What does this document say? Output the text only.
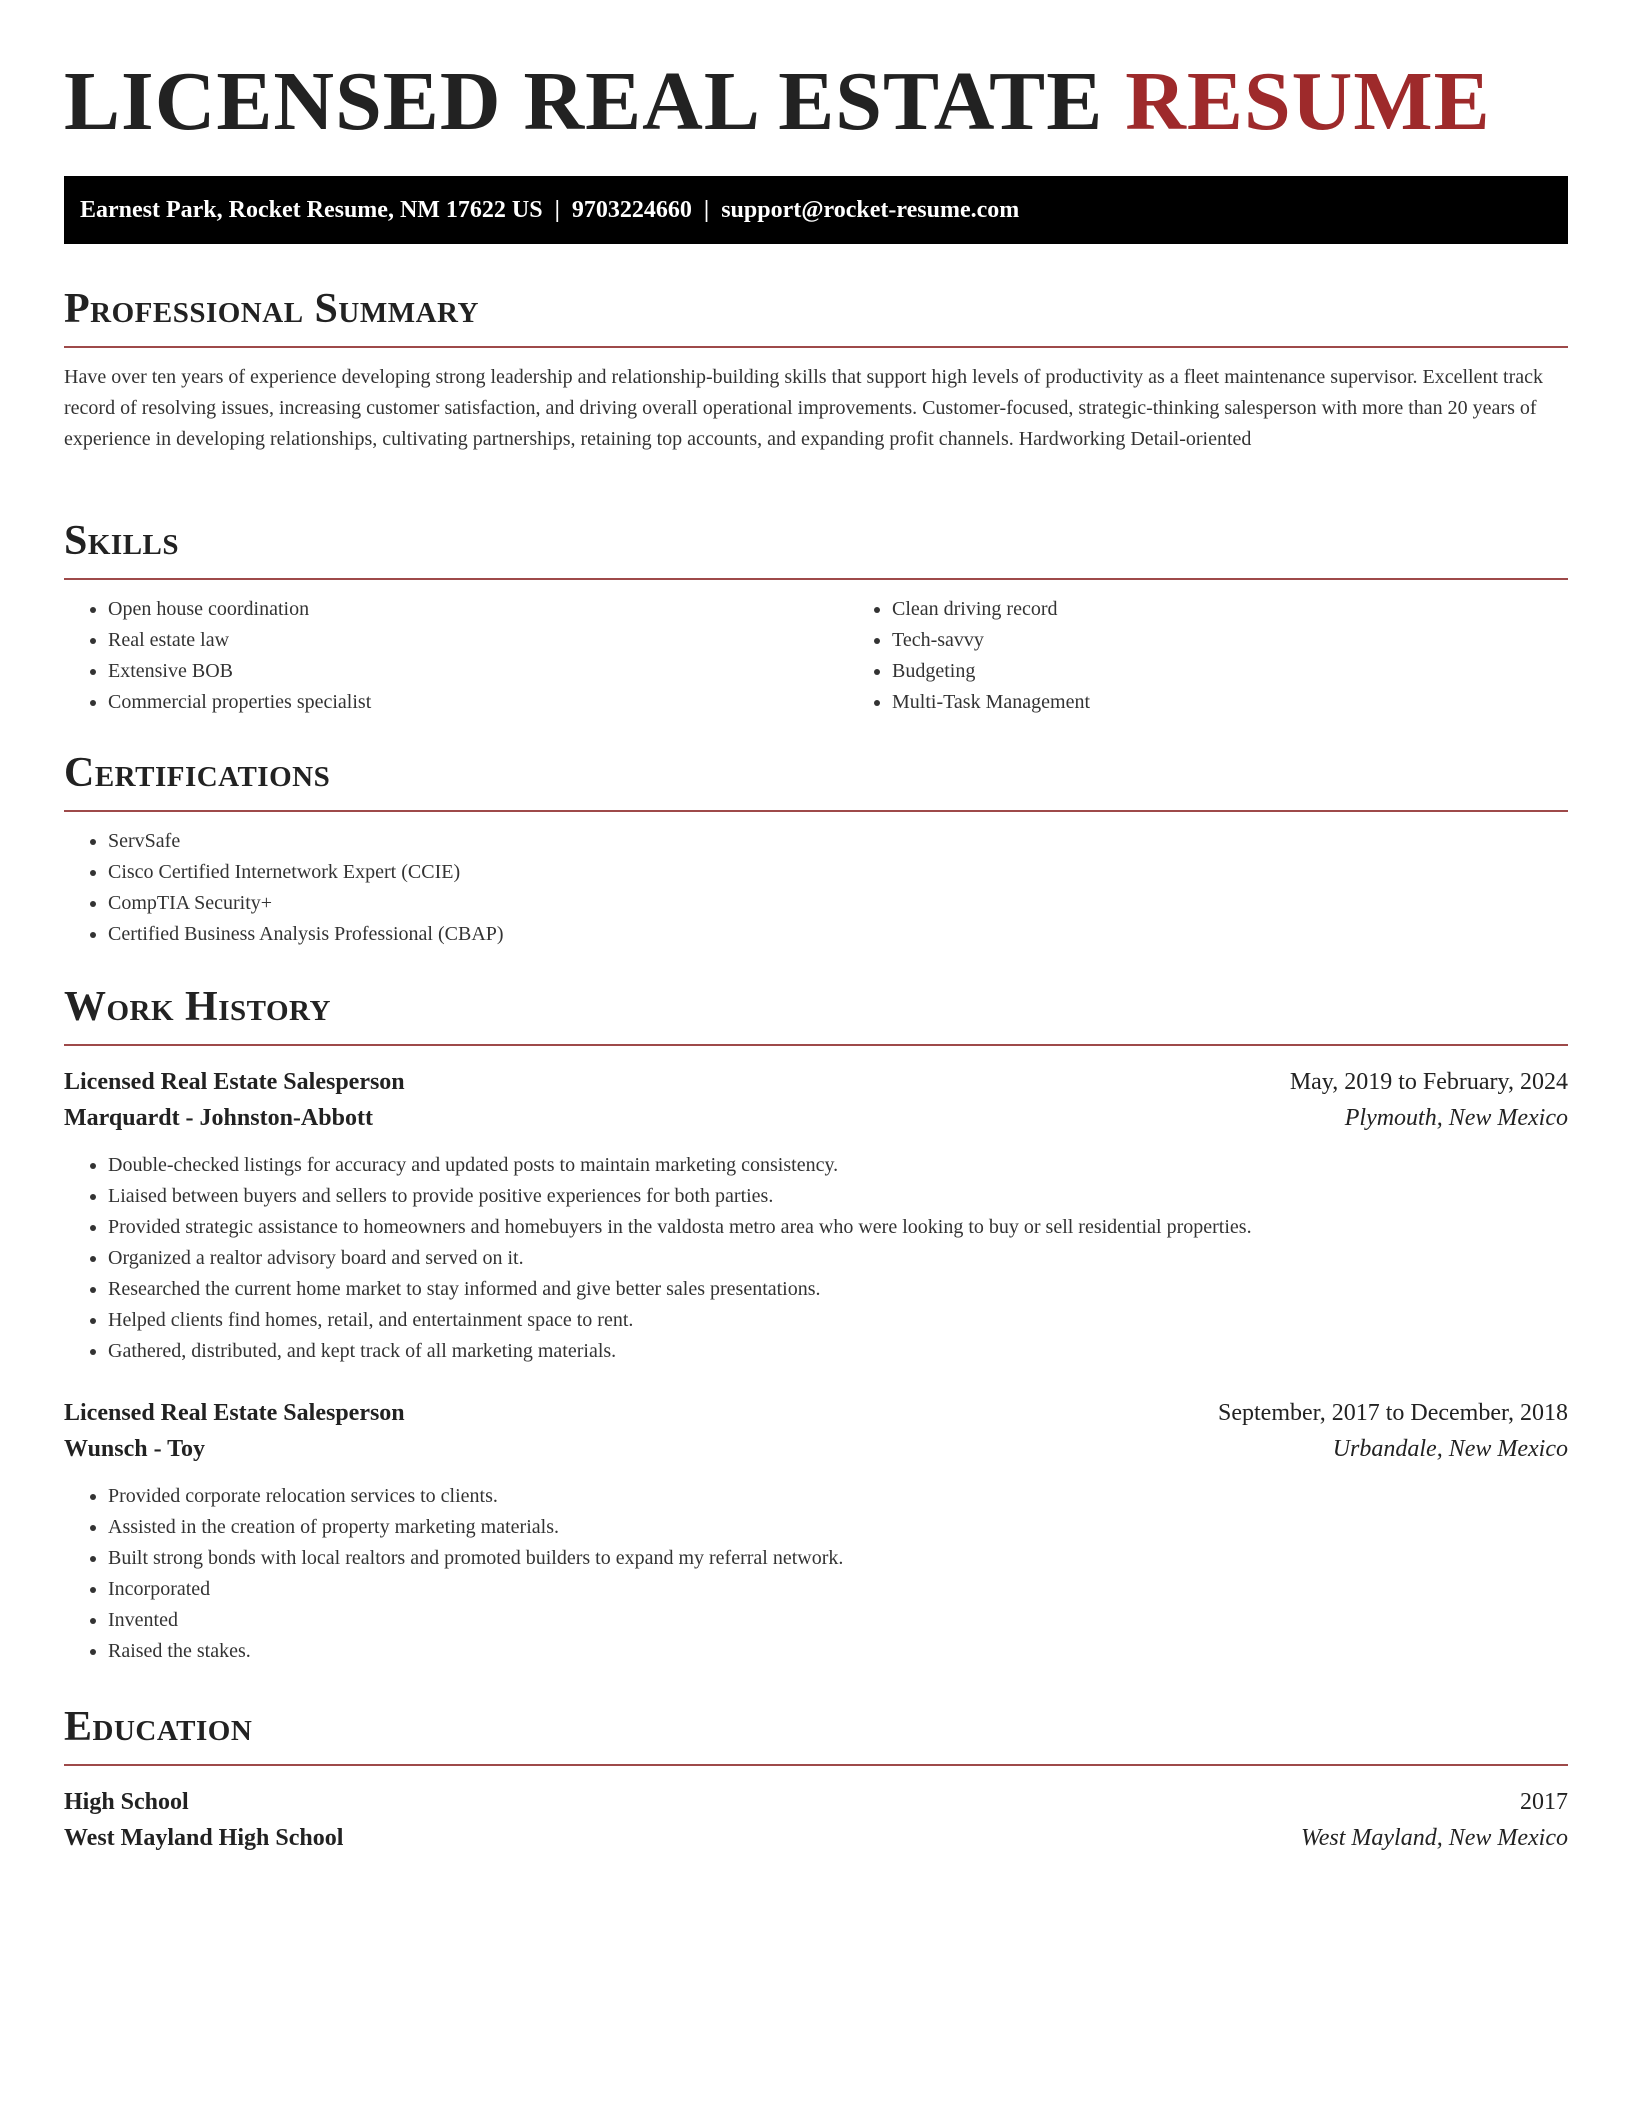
LICENSED REAL ESTATE RESUME
Earnest Park, Rocket Resume, NM 17622 US | 9703224660 | support@rocket-resume.com
Professional Summary

Have over ten years of experience developing strong leadership and relationship-building skills that support high levels of productivity as a fleet maintenance supervisor. Excellent track record of resolving issues, increasing customer satisfaction, and driving overall operational improvements. Customer-focused, strategic-thinking salesperson with more than 20 years of experience in developing relationships, cultivating partnerships, retaining top accounts, and expanding profit channels. Hardworking Detail-oriented

Skills
• Open house coordination
• Real estate law
• Extensive BOB
• Commercial properties specialist
• Clean driving record
• Tech-savvy
• Budgeting
• Multi-Task Management
Certifications
• ServSafe
• Cisco Certified Internetwork Expert (CCIE)
• CompTIA Security+
• Certified Business Analysis Professional (CBAP)
Work History
Licensed Real Estate Salesperson	May, 2019 to February, 2024
Marquardt - Johnston-Abbott	Plymouth, New Mexico
• Double-checked listings for accuracy and updated posts to maintain marketing consistency.
• Liaised between buyers and sellers to provide positive experiences for both parties.
• Provided strategic assistance to homeowners and homebuyers in the valdosta metro area who were looking to buy or sell residential properties.
• Organized a realtor advisory board and served on it.
• Researched the current home market to stay informed and give better sales presentations.
• Helped clients find homes, retail, and entertainment space to rent.
• Gathered, distributed, and kept track of all marketing materials.
Licensed Real Estate Salesperson	September, 2017 to December, 2018
Wunsch - Toy	Urbandale, New Mexico
• Provided corporate relocation services to clients.
• Assisted in the creation of property marketing materials.
• Built strong bonds with local realtors and promoted builders to expand my referral network.
• Incorporated
• Invented
• Raised the stakes.
Education
High School	2017
West Mayland High School	West Mayland, New Mexico
